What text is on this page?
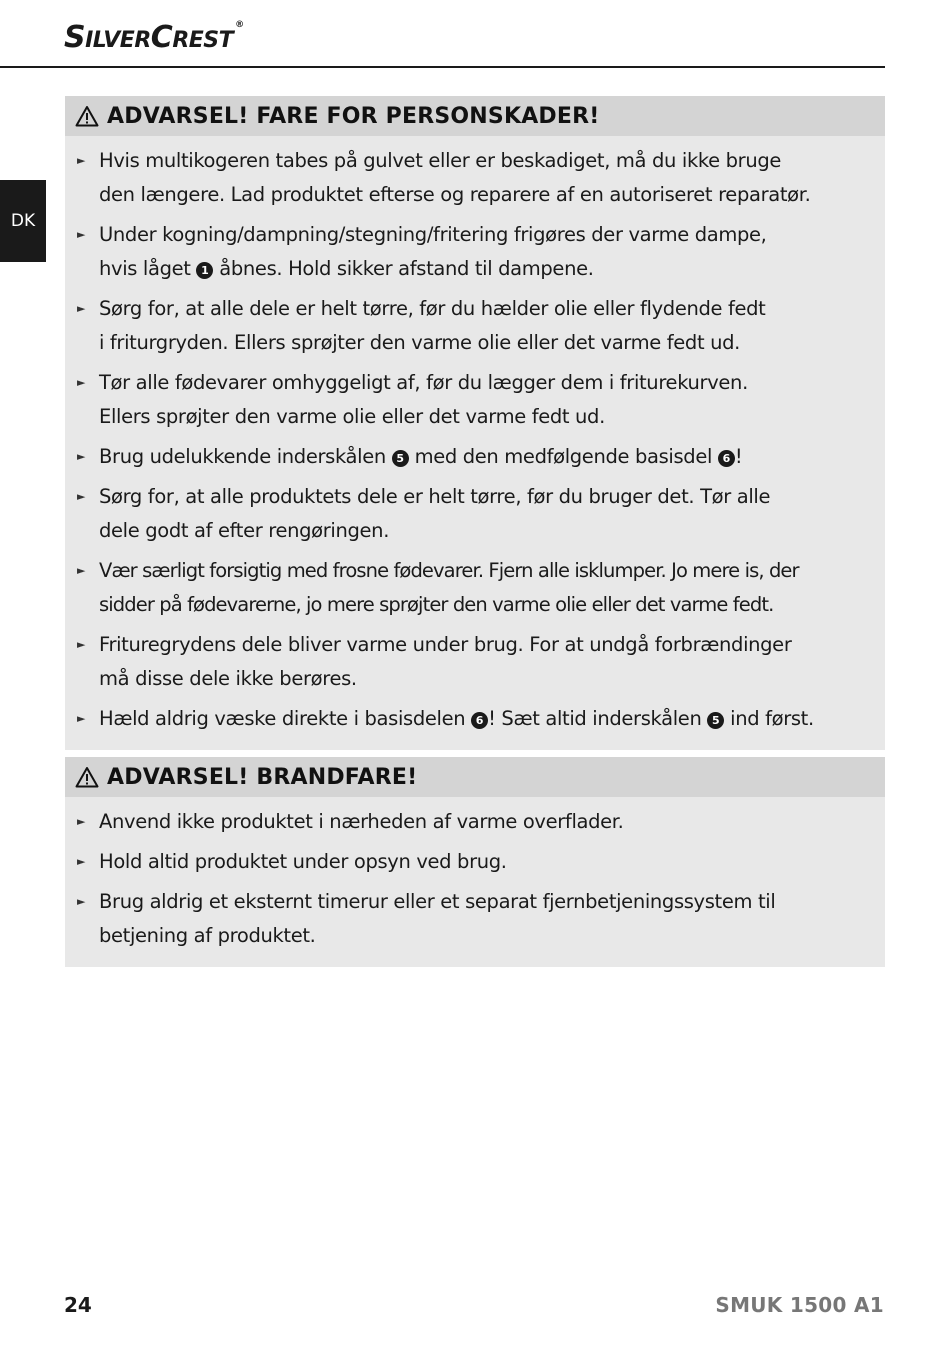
SILVERCREST®
DK
ADVARSEL! FARE FOR PERSONSKADER!
► Hvis multikogeren tabes på gulvet eller er beskadiget, må du ikke bruge
den længere. Lad produktet efterse og reparere af en autoriseret reparatør.
► Under kogning/dampning/stegning/fritering frigøres der varme dampe,
hvis låget 1 åbnes. Hold sikker afstand til dampene.
► Sørg for, at alle dele er helt tørre, før du hælder olie eller flydende fedt
i friturgryden. Ellers sprøjter den varme olie eller det varme fedt ud.
► Tør alle fødevarer omhyggeligt af, før du lægger dem i friturekurven.
Ellers sprøjter den varme olie eller det varme fedt ud.
► Brug udelukkende inderskålen 5 med den medfølgende basisdel 6 !
► Sørg for, at alle produktets dele er helt tørre, før du bruger det. Tør alle
dele godt af efter rengøringen.
► Vær særligt forsigtig med frosne fødevarer. Fjern alle isklumper. Jo mere is, der
sidder på fødevarerne, jo mere sprøjter den varme olie eller det varme fedt.
► Frituregrydens dele bliver varme under brug. For at undgå forbrændinger
må disse dele ikke berøres.
► Hæld aldrig væske direkte i basisdelen 6 ! Sæt altid inderskålen 5 ind først.
ADVARSEL! BRANDFARE!
► Anvend ikke produktet i nærheden af varme overflader.
► Hold altid produktet under opsyn ved brug.
► Brug aldrig et eksternt timerur eller et separat fjernbetjeningssystem til
betjening af produktet.
24	SMUK 1500 A1
